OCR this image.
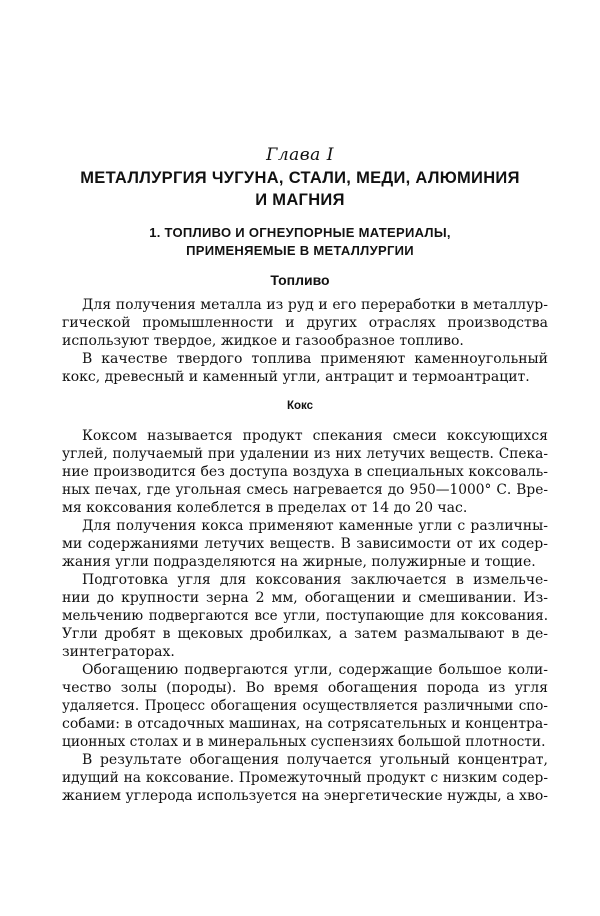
Глава I
МЕТАЛЛУРГИЯ ЧУГУНА, СТАЛИ, МЕДИ, АЛЮМИНИЯ
И МАГНИЯ
1. ТОПЛИВО И ОГНЕУПОРНЫЕ МАТЕРИАЛЫ,
ПРИМЕНЯЕМЫЕ В МЕТАЛЛУРГИИ
Топливо
Для получения металла из руд и его переработки в металлур-
гической промышленности и других отраслях производства
используют твердое, жидкое и газообразное топливо.
В качестве твердого топлива применяют каменноугольный
кокс, древесный и каменный угли, антрацит и термоантрацит.
Кокс
Коксом называется продукт спекания смеси коксующихся
углей, получаемый при удалении из них летучих веществ. Спека-
ние производится без доступа воздуха в специальных коксоваль-
ных печах, где угольная смесь нагревается до 950—1000° С. Вре-
мя коксования колеблется в пределах от 14 до 20 час.
Для получения кокса применяют каменные угли с различны-
ми содержаниями летучих веществ. В зависимости от их содер-
жания угли подразделяются на жирные, полужирные и тощие.
Подготовка угля для коксования заключается в измельче-
нии до крупности зерна 2 мм, обогащении и смешивании. Из-
мельчению подвергаются все угли, поступающие для коксования.
Угли дробят в щековых дробилках, а затем размалывают в де-
зинтеграторах.
Обогащению подвергаются угли, содержащие большое коли-
чество золы (породы). Во время обогащения порода из угля
удаляется. Процесс обогащения осуществляется различными спо-
собами: в отсадочных машинах, на сотрясательных и концентра-
ционных столах и в минеральных суспензиях большой плотности.
В результате обогащения получается угольный концентрат,
идущий на коксование. Промежуточный продукт с низким содер-
жанием углерода используется на энергетические нужды, а хво-
